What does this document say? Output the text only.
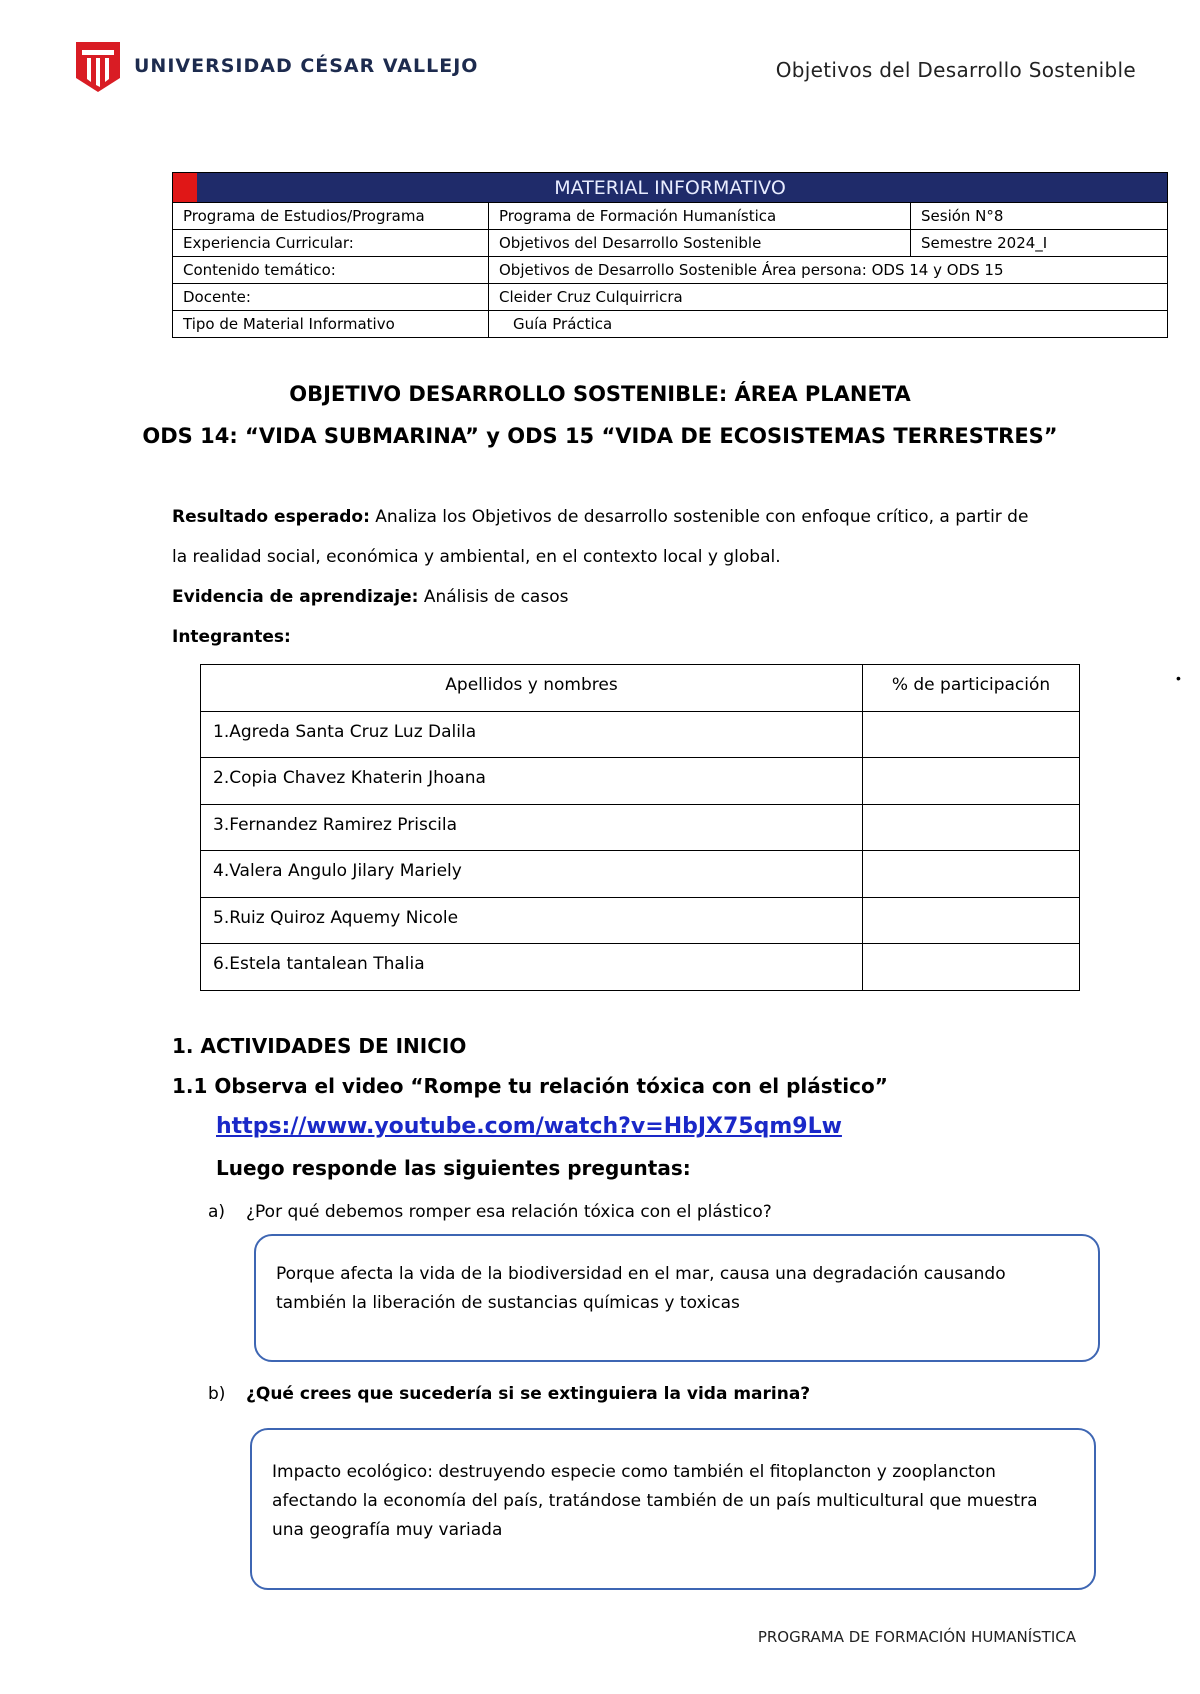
UNIVERSIDAD CÉSAR VALLEJO	Objetivos del Desarrollo Sostenible
MATERIAL INFORMATIVO		
Programa de Estudios/Programa	Programa de Formación Humanística	Sesión N°8
Experiencia Curricular:	Objetivos del Desarrollo Sostenible	Semestre 2024_I
Contenido temático:	Objetivos de Desarrollo Sostenible Área persona: ODS 14 y ODS 15	
Docente:	Cleider Cruz Culquirricra	
Tipo de Material Informativo	Guía Práctica	
OBJETIVO DESARROLLO SOSTENIBLE: ÁREA PLANETA
ODS 14: “VIDA SUBMARINA” y ODS 15 “VIDA DE ECOSISTEMAS TERRESTRES”
Resultado esperado: Analiza los Objetivos de desarrollo sostenible con enfoque crítico, a partir de
la realidad social, económica y ambiental, en el contexto local y global.
Evidencia de aprendizaje: Análisis de casos
Integrantes:
•
Apellidos y nombres	% de participación
1.Agreda Santa Cruz Luz Dalila	
2.Copia Chavez Khaterin Jhoana	
3.Fernandez Ramirez Priscila	
4.Valera Angulo Jilary Mariely	
5.Ruiz Quiroz Aquemy Nicole	
6.Estela tantalean Thalia	
1. ACTIVIDADES DE INICIO
1.1 Observa el video “Rompe tu relación tóxica con el plástico”
https://www.youtube.com/watch?v=HbJX75qm9Lw
Luego responde las siguientes preguntas:
a) ¿Por qué debemos romper esa relación tóxica con el plástico?
Porque afecta la vida de la biodiversidad en el mar, causa una degradación causando también la liberación de sustancias químicas y toxicas
b) ¿Qué crees que sucedería si se extinguiera la vida marina?
Impacto ecológico: destruyendo especie como también el fitoplancton y zooplancton afectando la economía del país, tratándose también de un país multicultural que muestra una geografía muy variada
PROGRAMA DE FORMACIÓN HUMANÍSTICA
